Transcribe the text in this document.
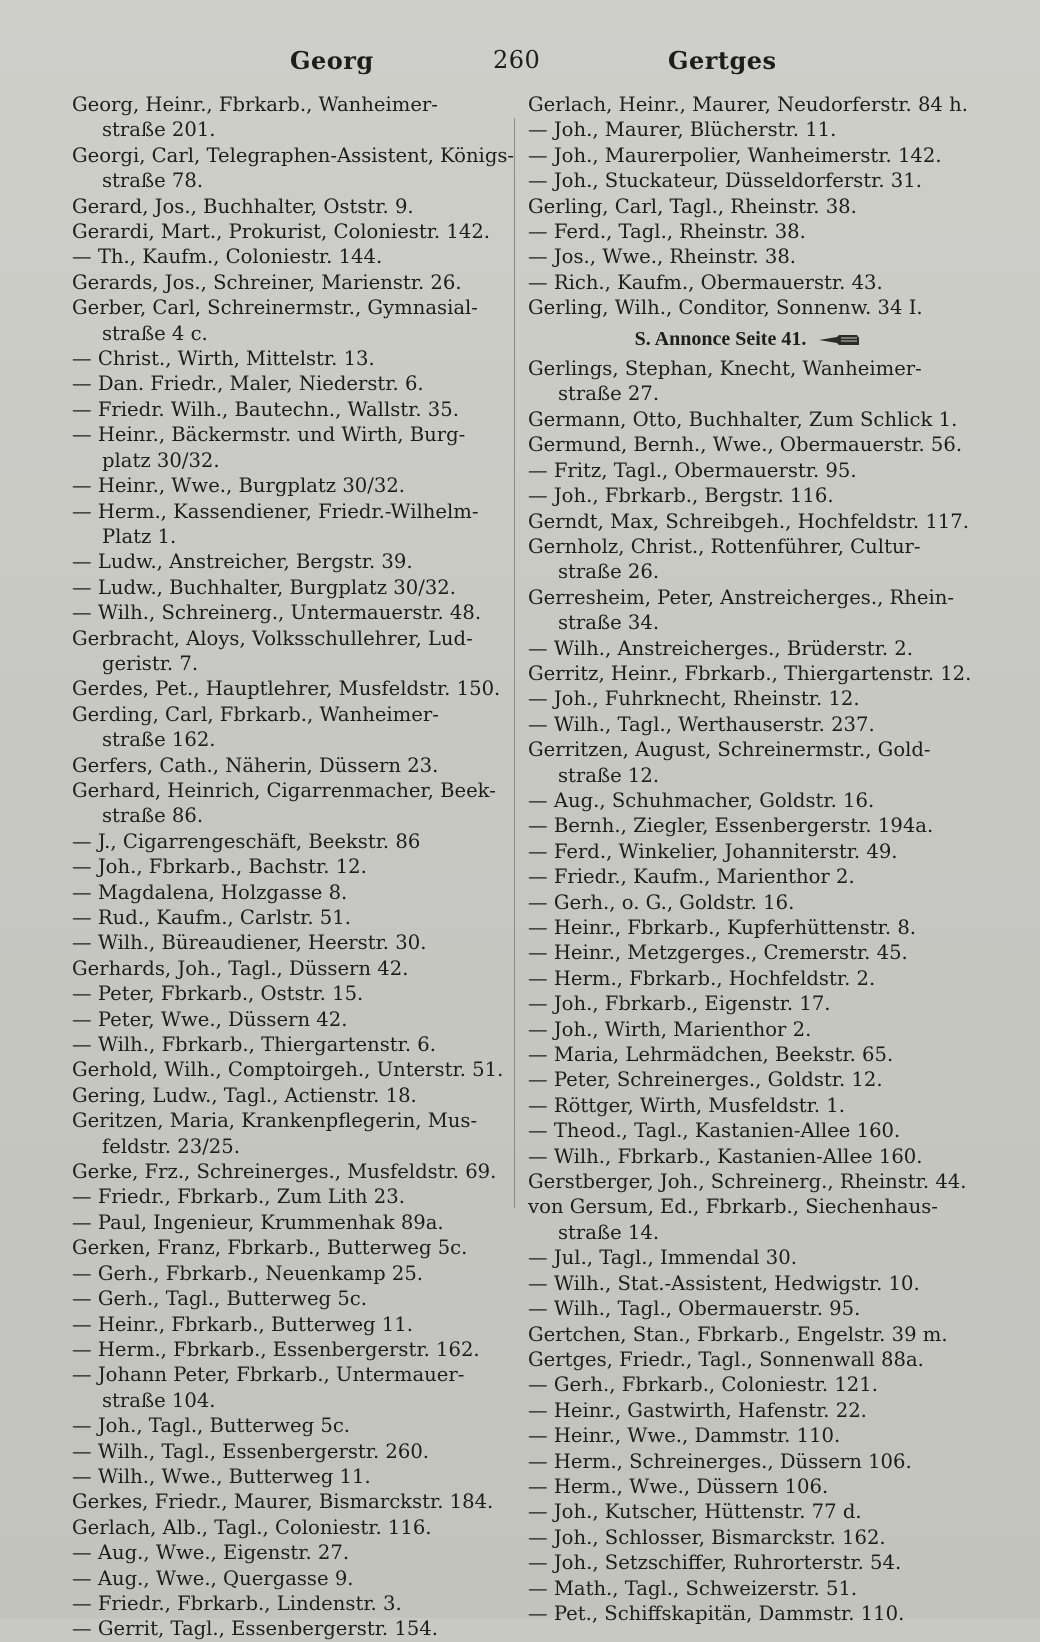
Georg	260	Gertges
Georg, Heinr., Fbrkarb., Wanheimer-
straße 201.
Georgi, Carl, Telegraphen-Assistent, Königs-
straße 78.
Gerard, Jos., Buchhalter, Oststr. 9.
Gerardi, Mart., Prokurist, Coloniestr. 142.
— Th., Kaufm., Coloniestr. 144.
Gerards, Jos., Schreiner, Marienstr. 26.
Gerber, Carl, Schreinermstr., Gymnasial-
straße 4 c.
— Christ., Wirth, Mittelstr. 13.
— Dan. Friedr., Maler, Niederstr. 6.
— Friedr. Wilh., Bautechn., Wallstr. 35.
— Heinr., Bäckermstr. und Wirth, Burg-
platz 30/32.
— Heinr., Wwe., Burgplatz 30/32.
— Herm., Kassendiener, Friedr.-Wilhelm-
Platz 1.
— Ludw., Anstreicher, Bergstr. 39.
— Ludw., Buchhalter, Burgplatz 30/32.
— Wilh., Schreinerg., Untermauerstr. 48.
Gerbracht, Aloys, Volksschullehrer, Lud-
geristr. 7.
Gerdes, Pet., Hauptlehrer, Musfeldstr. 150.
Gerding, Carl, Fbrkarb., Wanheimer-
straße 162.
Gerfers, Cath., Näherin, Düssern 23.
Gerhard, Heinrich, Cigarrenmacher, Beek-
straße 86.
— J., Cigarrengeschäft, Beekstr. 86
— Joh., Fbrkarb., Bachstr. 12.
— Magdalena, Holzgasse 8.
— Rud., Kaufm., Carlstr. 51.
— Wilh., Büreaudiener, Heerstr. 30.
Gerhards, Joh., Tagl., Düssern 42.
— Peter, Fbrkarb., Oststr. 15.
— Peter, Wwe., Düssern 42.
— Wilh., Fbrkarb., Thiergartenstr. 6.
Gerhold, Wilh., Comptoirgeh., Unterstr. 51.
Gering, Ludw., Tagl., Actienstr. 18.
Geritzen, Maria, Krankenpflegerin, Mus-
feldstr. 23/25.
Gerke, Frz., Schreinerges., Musfeldstr. 69.
— Friedr., Fbrkarb., Zum Lith 23.
— Paul, Ingenieur, Krummenhak 89a.
Gerken, Franz, Fbrkarb., Butterweg 5c.
— Gerh., Fbrkarb., Neuenkamp 25.
— Gerh., Tagl., Butterweg 5c.
— Heinr., Fbrkarb., Butterweg 11.
— Herm., Fbrkarb., Essenbergerstr. 162.
— Johann Peter, Fbrkarb., Untermauer-
straße 104.
— Joh., Tagl., Butterweg 5c.
— Wilh., Tagl., Essenbergerstr. 260.
— Wilh., Wwe., Butterweg 11.
Gerkes, Friedr., Maurer, Bismarckstr. 184.
Gerlach, Alb., Tagl., Coloniestr. 116.
— Aug., Wwe., Eigenstr. 27.
— Aug., Wwe., Quergasse 9.
— Friedr., Fbrkarb., Lindenstr. 3.
— Gerrit, Tagl., Essenbergerstr. 154.
Gerlach, Heinr., Maurer, Neudorferstr. 84 h.
— Joh., Maurer, Blücherstr. 11.
— Joh., Maurerpolier, Wanheimerstr. 142.
— Joh., Stuckateur, Düsseldorferstr. 31.
Gerling, Carl, Tagl., Rheinstr. 38.
— Ferd., Tagl., Rheinstr. 38.
— Jos., Wwe., Rheinstr. 38.
— Rich., Kaufm., Obermauerstr. 43.
Gerling, Wilh., Conditor, Sonnenw. 34 I.
S. Annonce Seite 41.
Gerlings, Stephan, Knecht, Wanheimer-
straße 27.
Germann, Otto, Buchhalter, Zum Schlick 1.
Germund, Bernh., Wwe., Obermauerstr. 56.
— Fritz, Tagl., Obermauerstr. 95.
— Joh., Fbrkarb., Bergstr. 116.
Gerndt, Max, Schreibgeh., Hochfeldstr. 117.
Gernholz, Christ., Rottenführer, Cultur-
straße 26.
Gerresheim, Peter, Anstreicherges., Rhein-
straße 34.
— Wilh., Anstreicherges., Brüderstr. 2.
Gerritz, Heinr., Fbrkarb., Thiergartenstr. 12.
— Joh., Fuhrknecht, Rheinstr. 12.
— Wilh., Tagl., Werthauserstr. 237.
Gerritzen, August, Schreinermstr., Gold-
straße 12.
— Aug., Schuhmacher, Goldstr. 16.
— Bernh., Ziegler, Essenbergerstr. 194a.
— Ferd., Winkelier, Johanniterstr. 49.
— Friedr., Kaufm., Marienthor 2.
— Gerh., o. G., Goldstr. 16.
— Heinr., Fbrkarb., Kupferhüttenstr. 8.
— Heinr., Metzgerges., Cremerstr. 45.
— Herm., Fbrkarb., Hochfeldstr. 2.
— Joh., Fbrkarb., Eigenstr. 17.
— Joh., Wirth, Marienthor 2.
— Maria, Lehrmädchen, Beekstr. 65.
— Peter, Schreinerges., Goldstr. 12.
— Röttger, Wirth, Musfeldstr. 1.
— Theod., Tagl., Kastanien-Allee 160.
— Wilh., Fbrkarb., Kastanien-Allee 160.
Gerstberger, Joh., Schreinerg., Rheinstr. 44.
von Gersum, Ed., Fbrkarb., Siechenhaus-
straße 14.
— Jul., Tagl., Immendal 30.
— Wilh., Stat.-Assistent, Hedwigstr. 10.
— Wilh., Tagl., Obermauerstr. 95.
Gertchen, Stan., Fbrkarb., Engelstr. 39 m.
Gertges, Friedr., Tagl., Sonnenwall 88a.
— Gerh., Fbrkarb., Coloniestr. 121.
— Heinr., Gastwirth, Hafenstr. 22.
— Heinr., Wwe., Dammstr. 110.
— Herm., Schreinerges., Düssern 106.
— Herm., Wwe., Düssern 106.
— Joh., Kutscher, Hüttenstr. 77 d.
— Joh., Schlosser, Bismarckstr. 162.
— Joh., Setzschiffer, Ruhrorterstr. 54.
— Math., Tagl., Schweizerstr. 51.
— Pet., Schiffskapitän, Dammstr. 110.
